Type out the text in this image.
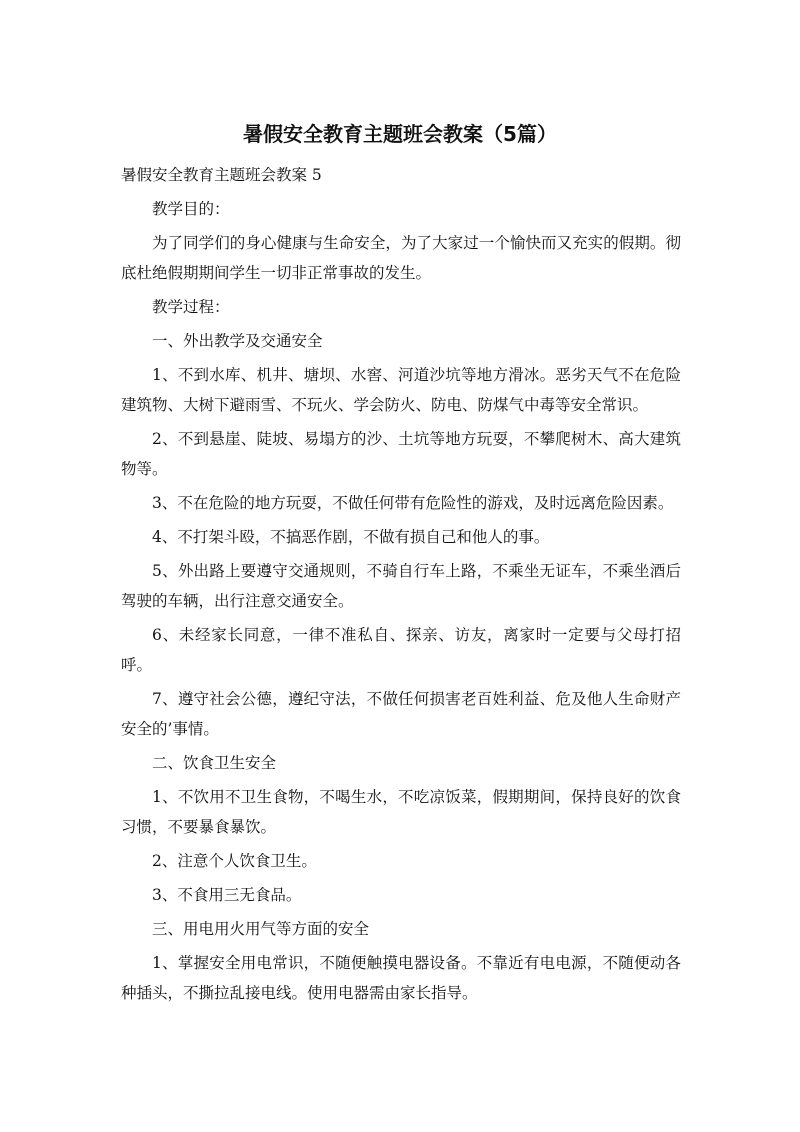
暑假安全教育主题班会教案（5篇）

暑假安全教育主题班会教案 5

教学目的：

为了同学们的身心健康与生命安全，为了大家过一个愉快而又充实的假期。彻底杜绝假期期间学生一切非正常事故的发生。

教学过程：

一、外出教学及交通安全

1、不到水库、机井、塘坝、水窖、河道沙坑等地方滑冰。恶劣天气不在危险建筑物、大树下避雨雪、不玩火、学会防火、防电、防煤气中毒等安全常识。

2、不到悬崖、陡坡、易塌方的沙、土坑等地方玩耍，不攀爬树木、高大建筑物等。

3、不在危险的地方玩耍，不做任何带有危险性的游戏，及时远离危险因素。

4、不打架斗殴，不搞恶作剧，不做有损自己和他人的事。

5、外出路上要遵守交通规则，不骑自行车上路，不乘坐无证车，不乘坐酒后驾驶的车辆，出行注意交通安全。

6、未经家长同意，一律不准私自、探亲、访友，离家时一定要与父母打招呼。

7、遵守社会公德，遵纪守法，不做任何损害老百姓利益、危及他人生命财产安全的’事情。

二、饮食卫生安全

1、不饮用不卫生食物，不喝生水，不吃凉饭菜，假期期间，保持良好的饮食习惯，不要暴食暴饮。

2、注意个人饮食卫生。

3、不食用三无食品。

三、用电用火用气等方面的安全

1、掌握安全用电常识，不随便触摸电器设备。不靠近有电电源，不随便动各种插头，不撕拉乱接电线。使用电器需由家长指导。
